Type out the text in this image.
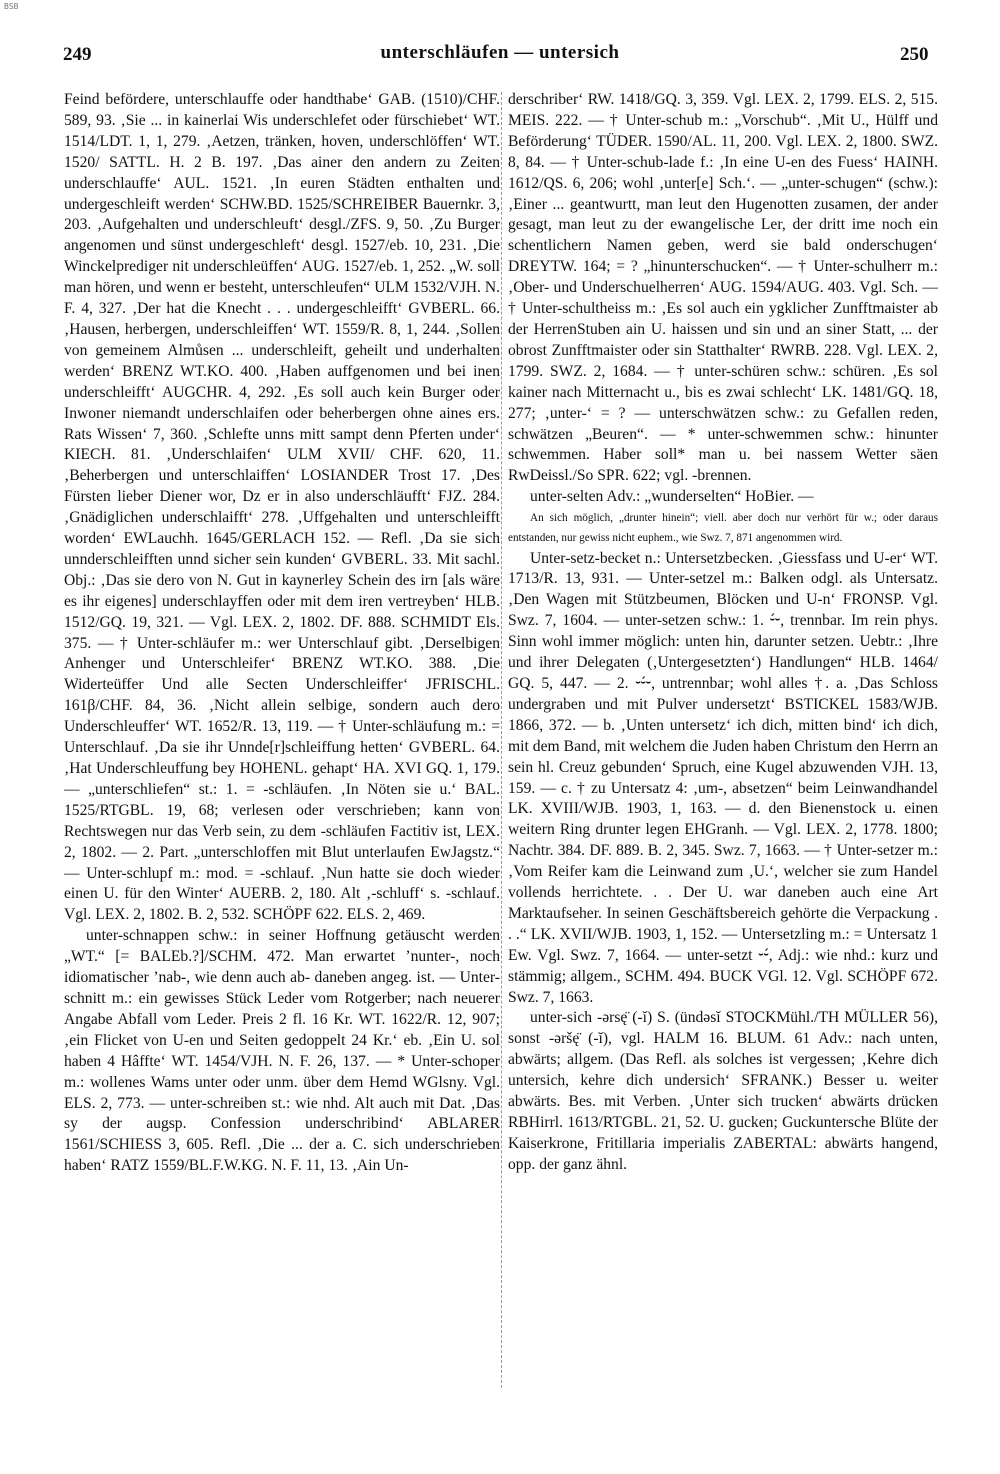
BSB
249	unterschläufen — untersich	250

Feind befördere, unterschlauffe oder handthabe‘ GAB. (1510)/CHF. 589, 93. ‚Sie ... in kainerlai Wis underschlefet oder fürschiebet‘ WT. 1514/LDT. 1, 1, 279. ‚Aetzen, tränken, hoven, underschlöffen‘ WT. 1520/ SATTL. H. 2 B. 197. ‚Das ainer den andern zu Zeiten underschlauffe‘ AUL. 1521. ‚In euren Städten enthalten und undergeschleift werden‘ SCHW.BD. 1525/SCHREIBER Bauernkr. 3, 203. ‚Aufgehalten und underschleuft‘ desgl./ZFS. 9, 50. ‚Zu Burger angenomen und sünst undergeschleft‘ desgl. 1527/eb. 10, 231. ‚Die Winckelprediger nit underschleüffen‘ AUG. 1527/eb. 1, 252. „W. soll man hören, und wenn er besteht, unterschleufen“ ULM 1532/VJH. N. F. 4, 327. ‚Der hat die Knecht . . . undergeschleifft‘ GVBERL. 66. ‚Hausen, herbergen, underschleiffen‘ WT. 1559/R. 8, 1, 244. ‚Sollen von gemeinem Almůsen ... underschleift, geheilt und underhalten werden‘ BRENZ WT.KO. 400. ‚Haben auffgenomen und bei inen underschleifft‘ AUGCHR. 4, 292. ‚Es soll auch kein Burger oder Inwoner niemandt underschlaifen oder beherbergen ohne aines ers. Rats Wissen‘ 7, 360. ‚Schlefte unns mitt sampt denn Pferten under‘ KIECH. 81. ‚Underschlaifen‘ ULM XVII/ CHF. 620, 11. ‚Beherbergen und unterschlaiffen‘ LOSIANDER Trost 17. ‚Des Fürsten lieber Diener wor, Dz er in also underschläufft‘ FJZ. 284. ‚Gnädiglichen underschlaifft‘ 278. ‚Uffgehalten und unterschleifft worden‘ EWLauchh. 1645/GERLACH 152. — Refl. ‚Da sie sich unnderschleifften unnd sicher sein kunden‘ GVBERL. 33. Mit sachl. Obj.: ‚Das sie dero von N. Gut in kaynerley Schein des irn [als wäre es ihr eigenes] underschlayffen oder mit dem iren vertreyben‘ HLB. 1512/GQ. 19, 321. — Vgl. LEX. 2, 1802. DF. 888. SCHMIDT Els. 375. — † Unter-schläufer m.: wer Unterschlauf gibt. ‚Derselbigen Anhenger und Unterschleifer‘ BRENZ WT.KO. 388. ‚Die Widerteüffer Und alle Secten Underschleiffer‘ JFRISCHL. 161β/CHF. 84, 36. ‚Nicht allein selbige, sondern auch dero Underschleuffer‘ WT. 1652/R. 13, 119. — † Unter-schläufung m.: = Unterschlauf. ‚Da sie ihr Unnde[r]schleiffung hetten‘ GVBERL. 64. ‚Hat Underschleuffung bey HOHENL. gehapt‘ HA. XVI GQ. 1, 179. — „unterschliefen“ st.: 1. = -schläufen. ‚In Nöten sie u.‘ BAL. 1525/RTGBL. 19, 68; verlesen oder verschrieben; kann von Rechtswegen nur das Verb sein, zu dem -schläufen Factitiv ist, LEX. 2, 1802. — 2. Part. „unterschloffen mit Blut unterlaufen EwJagstz.“ — Unter-schlupf m.: mod. = -schlauf. ‚Nun hatte sie doch wieder einen U. für den Winter‘ AUERB. 2, 180. Alt ‚-schluff‘ s. -schlauf. Vgl. LEX. 2, 1802. B. 2, 532. SCHÖPF 622. ELS. 2, 469.

unter-schnappen schw.: in seiner Hoffnung getäuscht werden „WT.“ [= BALEb.?]/SCHM. 472. Man erwartet ’nunter-, noch idiomatischer ’nab-, wie denn auch ab- daneben angeg. ist. — Unter-schnitt m.: ein gewisses Stück Leder vom Rotgerber; nach neuerer Angabe Abfall vom Leder. Preis 2 fl. 16 Kr. WT. 1622/R. 12, 907; ‚ein Flicket von U-en und Seiten gedoppelt 24 Kr.‘ eb. ‚Ein U. sol haben 4 Hâffte‘ WT. 1454/VJH. N. F. 26, 137. — * Unter-schoper m.: wollenes Wams unter oder unm. über dem Hemd WGlsny. Vgl. ELS. 2, 773. — unter-schreiben st.: wie nhd. Alt auch mit Dat. ‚Das sy der augsp. Confession underschribind‘ ABLARER 1561/SCHIESS 3, 605. Refl. ‚Die ... der a. C. sich underschrieben haben‘ RATZ 1559/BL.F.W.KG. N. F. 11, 13. ‚Ain Un-

derschriber‘ RW. 1418/GQ. 3, 359. Vgl. LEX. 2, 1799. ELS. 2, 515. MEIS. 222. — † Unter-schub m.: „Vorschub“. ‚Mit U., Hülff und Beförderung‘ TÜDER. 1590/AL. 11, 200. Vgl. LEX. 2, 1800. SWZ. 8, 84. — † Unter-schub-lade f.: ‚In eine U-en des Fuess‘ HAINH. 1612/QS. 6, 206; wohl ‚unter[e] Sch.‘. — „unter-schugen“ (schw.): ‚Einer ... geantwurtt, man leut den Hugenotten zusamen, der ander gesagt, man leut zu der ewangelische Ler, der dritt ime noch ein schentlichern Namen geben, werd sie bald onderschugen‘ DREYTW. 164; = ? „hinunterschucken“. — † Unter-schulherr m.: ‚Ober- und Underschuelherren‘ AUG. 1594/AUG. 403. Vgl. Sch. — † Unter-schultheiss m.: ‚Es sol auch ein ygklicher Zunfftmaister ab der HerrenStuben ain U. haissen und sin und an siner Statt, ... der obrost Zunfftmaister oder sin Statthalter‘ RWRB. 228. Vgl. LEX. 2, 1799. SWZ. 2, 1684. — † unter-schüren schw.: schüren. ‚Es sol kainer nach Mitternacht u., bis es zwai schlecht‘ LK. 1481/GQ. 18, 277; ‚unter-‘ = ? — unterschwätzen schw.: zu Gefallen reden, schwätzen „Beuren“. — * unter-schwemmen schw.: hinunter schwemmen. Haber soll* man u. bei nassem Wetter säen RwDeissl./So SPR. 622; vgl. -brennen.

unter-selten Adv.: „wunderselten“ HoBier. —

An sich möglich, „drunter hinein“; viell. aber doch nur verhört für w.; oder daraus entstanden, nur gewiss nicht euphem., wie Swz. 7, 871 angenommen wird.

Unter-setz-becket n.: Untersetzbecken. ‚Giessfass und U-er‘ WT. 1713/R. 13, 931. — Unter-setzel m.: Balken odgl. als Untersatz. ‚Den Wagen mit Stützbeumen, Blöcken und U-n‘ FRONSP. Vgl. Swz. 7, 1604. — unter-setzen schw.: 1. ⏑́⏑, trennbar. Im rein phys. Sinn wohl immer möglich: unten hin, darunter setzen. Uebtr.: ‚Ihre und ihrer Delegaten (‚Untergesetzten‘) Handlungen“ HLB. 1464/ GQ. 5, 447. — 2. ⏑⏑́⏑, untrennbar; wohl alles †. a. ‚Das Schloss undergraben und mit Pulver undersetzt‘ BSTICKEL 1583/WJB. 1866, 372. — b. ‚Unten untersetz‘ ich dich, mitten bind‘ ich dich, mit dem Band, mit welchem die Juden haben Christum den Herrn an sein hl. Creuz gebunden‘ Spruch, eine Kugel abzuwenden VJH. 13, 159. — c. † zu Untersatz 4: ‚um-, absetzen“ beim Leinwandhandel LK. XVIII/WJB. 1903, 1, 163. — d. den Bienenstock u. einen weitern Ring drunter legen EHGranh. — Vgl. LEX. 2, 1778. 1800; Nachtr. 384. DF. 889. B. 2, 345. Swz. 7, 1663. — † Unter-setzer m.: ‚Vom Reifer kam die Leinwand zum ‚U.‘, welcher sie zum Handel vollends herrichtete. . . Der U. war daneben auch eine Art Marktaufseher. In seinen Geschäftsbereich gehörte die Verpackung . . .“ LK. XVII/WJB. 1903, 1, 152. — Untersetzling m.: = Untersatz 1 Ew. Vgl. Swz. 7, 1664. — unter-setzt ⏑⏑́, Adj.: wie nhd.: kurz und stämmig; allgem., SCHM. 494. BUCK VGl. 12. Vgl. SCHÖPF 672. Swz. 7, 1663.

unter-sich -ərsę̈ (-ĭ) S. (ündəsĭ STOCKMühl./TH MÜLLER 56), sonst -əršę̈ (-ĭ), vgl. HALM 16. BLUM. 61 Adv.: nach unten, abwärts; allgem. (Das Refl. als solches ist vergessen; ‚Kehre dich untersich, kehre dich undersich‘ SFRANK.) Besser u. weiter abwärts. Bes. mit Verben. ‚Unter sich trucken‘ abwärts drücken RBHirrl. 1613/RTGBL. 21, 52. U. gucken; Guckuntersche Blüte der Kaiserkrone, Fritillaria imperialis ZABERTAL: abwärts hangend, opp. der ganz ähnl.
